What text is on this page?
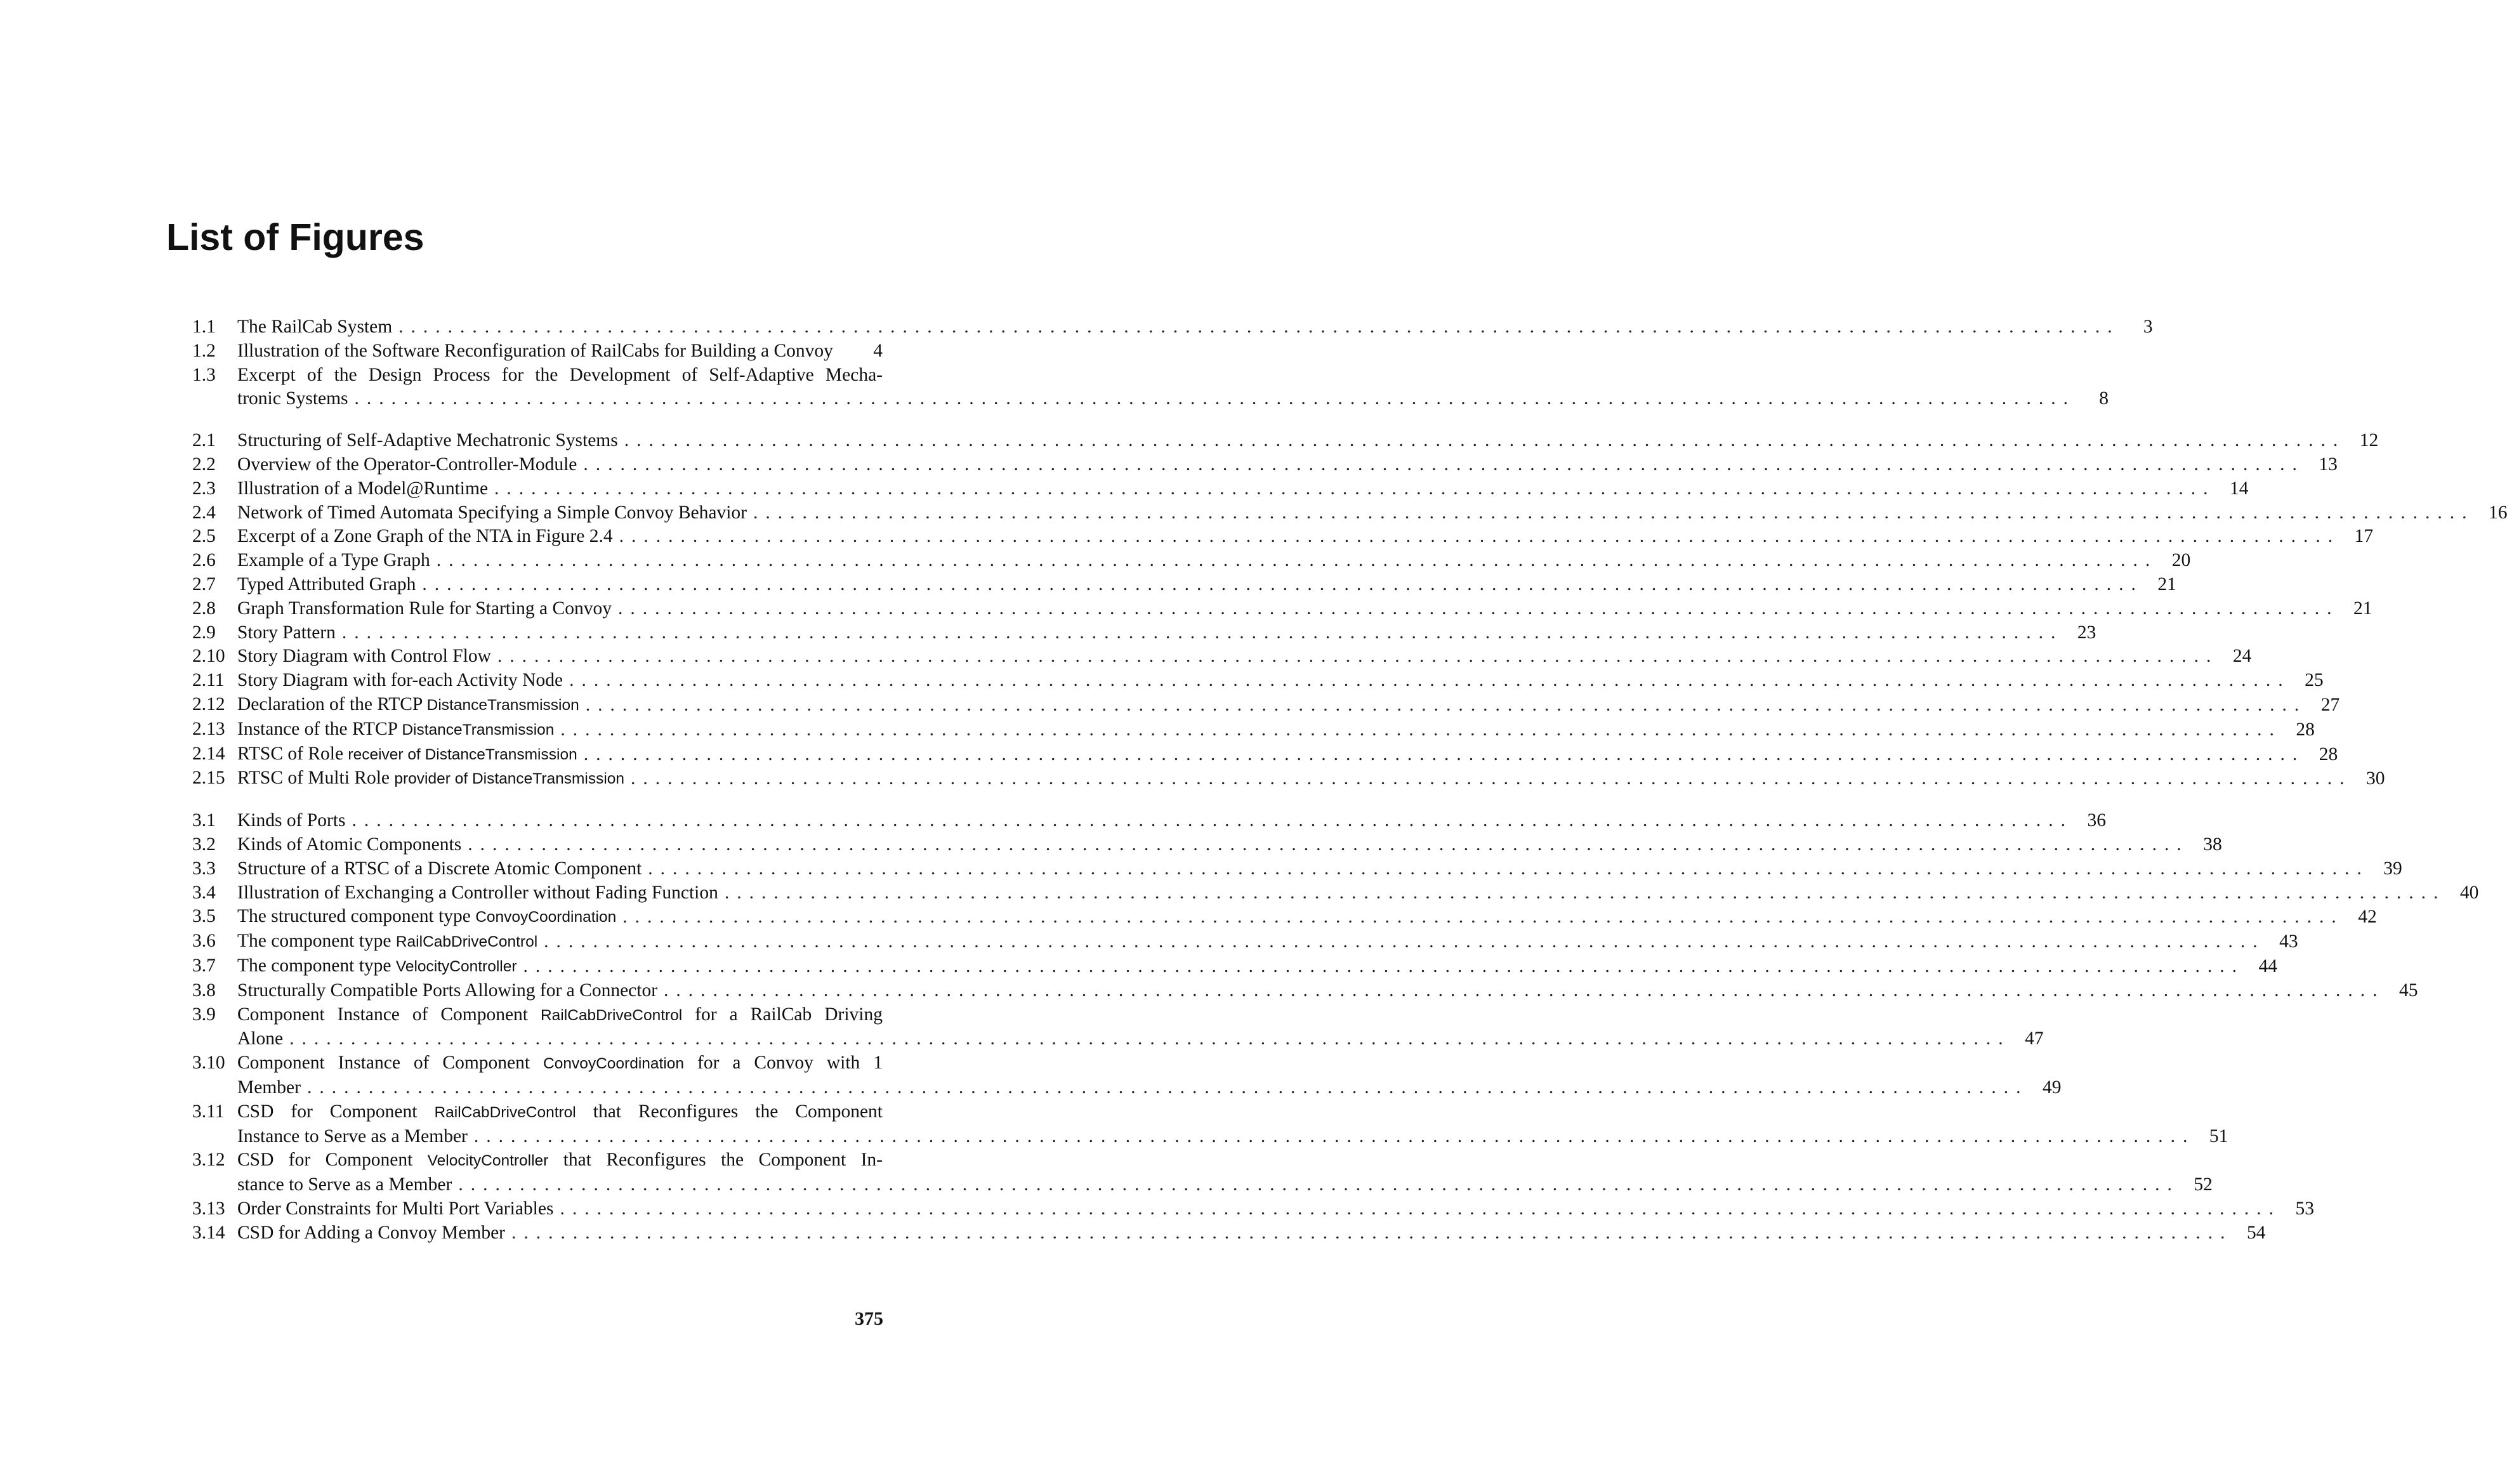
List of Figures
1.1	The RailCab System ............................................................................................................................................	3
1.2	Illustration of the Software Reconfiguration of RailCabs for Building a Convoy	4
1.3	Excerpt of the Design Process for the Development of Self-Adaptive Mecha-
tronic Systems ............................................................................................................................................	8
2.1	Structuring of Self-Adaptive Mechatronic Systems ............................................................................................................................................ 12
2.2	Overview of the Operator-Controller-Module ............................................................................................................................................ 13
2.3	Illustration of a Model@Runtime ............................................................................................................................................ 14
2.4	Network of Timed Automata Specifying a Simple Convoy Behavior ............................................................................................................................................ 16
2.5	Excerpt of a Zone Graph of the NTA in Figure 2.4 ............................................................................................................................................ 17
2.6	Example of a Type Graph ............................................................................................................................................ 20
2.7	Typed Attributed Graph ............................................................................................................................................ 21
2.8	Graph Transformation Rule for Starting a Convoy ............................................................................................................................................ 21
2.9	Story Pattern ............................................................................................................................................ 23
2.10 Story Diagram with Control Flow ............................................................................................................................................ 24
2.11 Story Diagram with for-each Activity Node ............................................................................................................................................ 25
2.12 Declaration of the RTCP DistanceTransmission ............................................................................................................................................ 27
2.13 Instance of the RTCP DistanceTransmission ............................................................................................................................................ 28
2.14 RTSC of Role receiver of DistanceTransmission ............................................................................................................................................ 28
2.15 RTSC of Multi Role provider of DistanceTransmission ............................................................................................................................................ 30
3.1	Kinds of Ports ............................................................................................................................................ 36
3.2	Kinds of Atomic Components ............................................................................................................................................ 38
3.3	Structure of a RTSC of a Discrete Atomic Component ............................................................................................................................................ 39
3.4	Illustration of Exchanging a Controller without Fading Function ............................................................................................................................................ 40
3.5	The structured component type ConvoyCoordination ............................................................................................................................................ 42
3.6	The component type RailCabDriveControl ............................................................................................................................................ 43
3.7	The component type VelocityController ............................................................................................................................................ 44
3.8	Structurally Compatible Ports Allowing for a Connector ............................................................................................................................................ 45
3.9	Component Instance of Component RailCabDriveControl for a RailCab Driving
Alone ............................................................................................................................................ 47
3.10 Component Instance of Component ConvoyCoordination for a Convoy with 1
Member ............................................................................................................................................ 49
3.11 CSD for Component RailCabDriveControl that Reconfigures the Component
Instance to Serve as a Member ............................................................................................................................................ 51
3.12 CSD for Component VelocityController that Reconfigures the Component In-
stance to Serve as a Member ............................................................................................................................................ 52
3.13 Order Constraints for Multi Port Variables ............................................................................................................................................ 53
3.14 CSD for Adding a Convoy Member ............................................................................................................................................ 54
375
